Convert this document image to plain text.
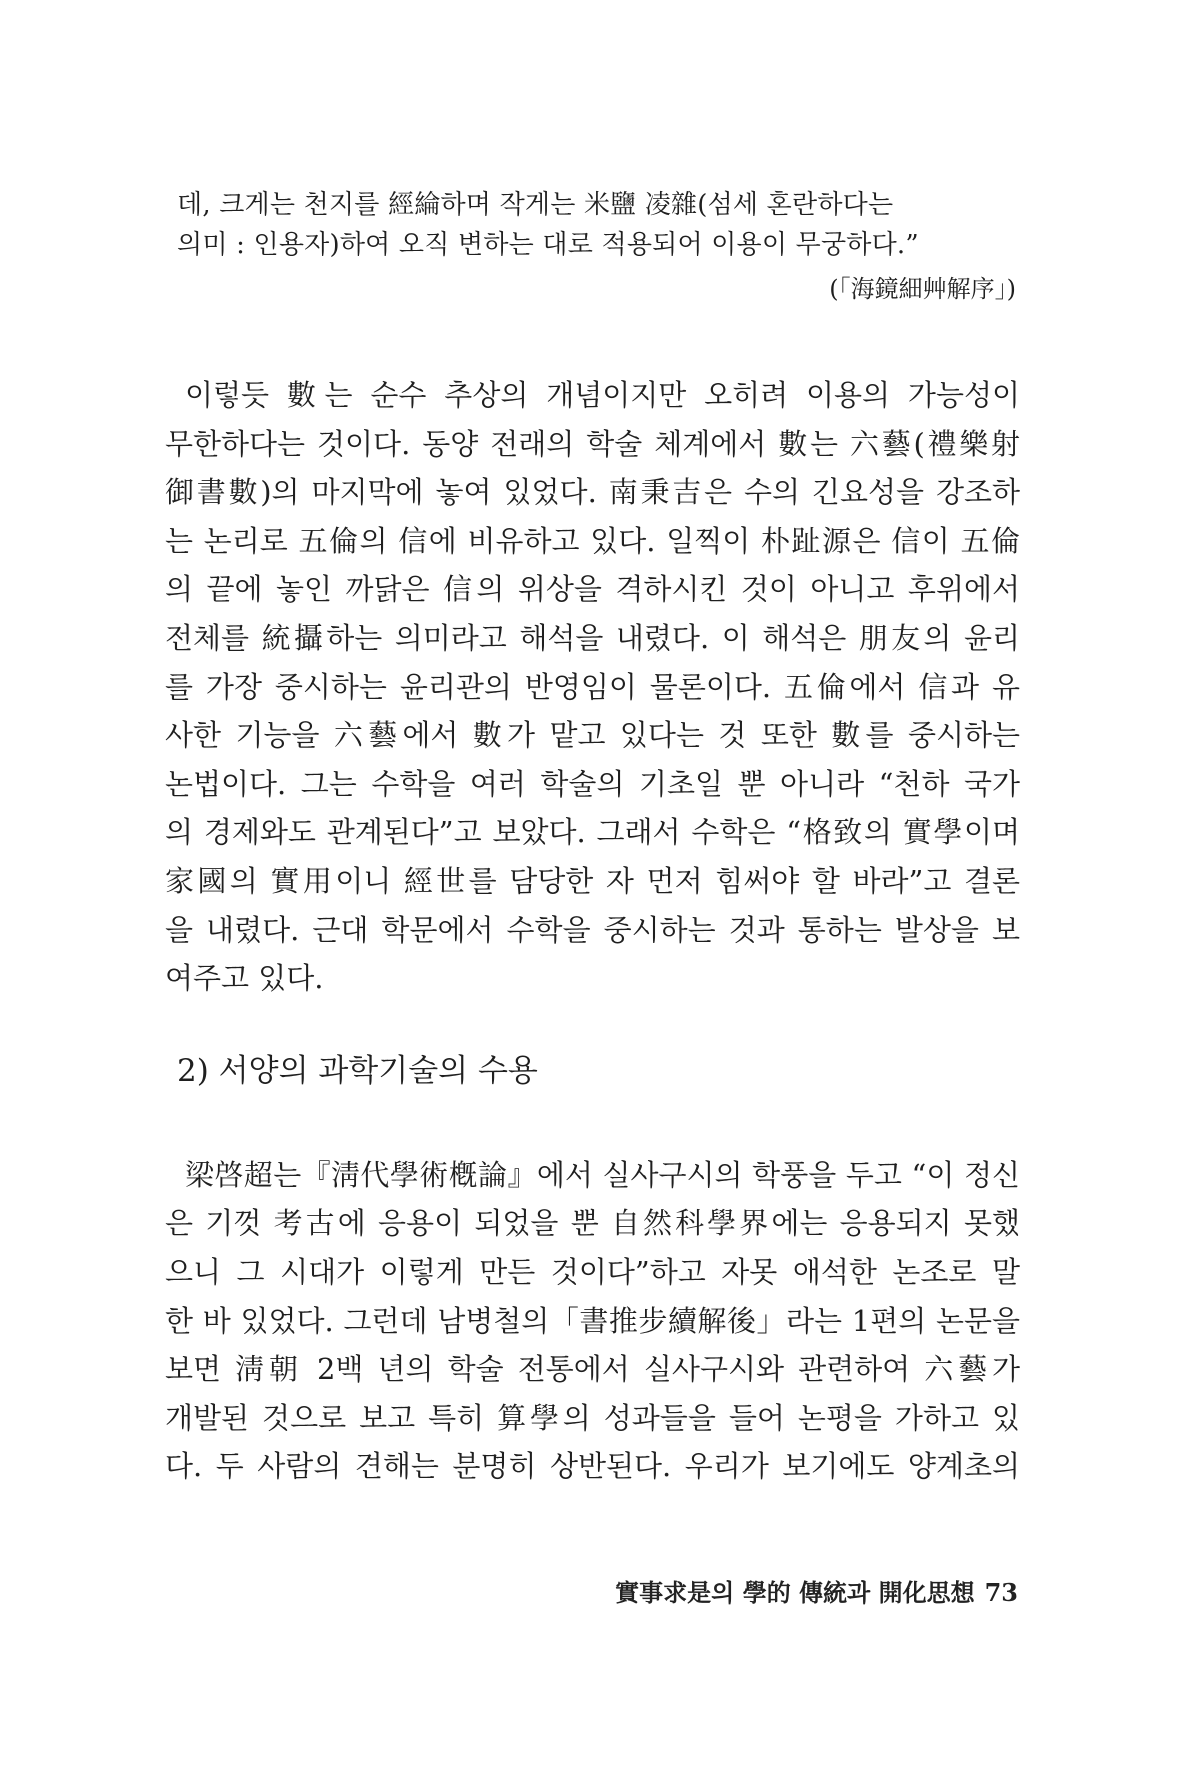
데, 크게는 천지를 經綸하며 작게는 米鹽 凌雜(섬세 혼란하다는
의미 : 인용자)하여 오직 변하는 대로 적용되어 이용이 무궁하다.”
(「海鏡細艸解序」)
이렇듯 數는 순수 추상의 개념이지만 오히려 이용의 가능성이
무한하다는 것이다. 동양 전래의 학술 체계에서 數는 六藝(禮樂射
御書數)의 마지막에 놓여 있었다. 南秉吉은 수의 긴요성을 강조하
는 논리로 五倫의 信에 비유하고 있다. 일찍이 朴趾源은 信이 五倫
의 끝에 놓인 까닭은 信의 위상을 격하시킨 것이 아니고 후위에서
전체를 統攝하는 의미라고 해석을 내렸다. 이 해석은 朋友의 윤리
를 가장 중시하는 윤리관의 반영임이 물론이다. 五倫에서 信과 유
사한 기능을 六藝에서 數가 맡고 있다는 것 또한 數를 중시하는
논법이다. 그는 수학을 여러 학술의 기초일 뿐 아니라 “천하 국가
의 경제와도 관계된다”고 보았다. 그래서 수학은 “格致의 實學이며
家國의 實用이니 經世를 담당한 자 먼저 힘써야 할 바라”고 결론
을 내렸다. 근대 학문에서 수학을 중시하는 것과 통하는 발상을 보
여주고 있다.
2) 서양의 과학기술의 수용
梁啓超는『淸代學術槪論』에서 실사구시의 학풍을 두고 “이 정신
은 기껏 考古에 응용이 되었을 뿐 自然科學界에는 응용되지 못했
으니 그 시대가 이렇게 만든 것이다”하고 자못 애석한 논조로 말
한 바 있었다. 그런데 남병철의「書推步續解後」라는 1편의 논문을
보면 淸朝 2백 년의 학술 전통에서 실사구시와 관련하여 六藝가
개발된 것으로 보고 특히 算學의 성과들을 들어 논평을 가하고 있
다. 두 사람의 견해는 분명히 상반된다. 우리가 보기에도 양계초의
實事求是의 學的 傳統과 開化思想 73
